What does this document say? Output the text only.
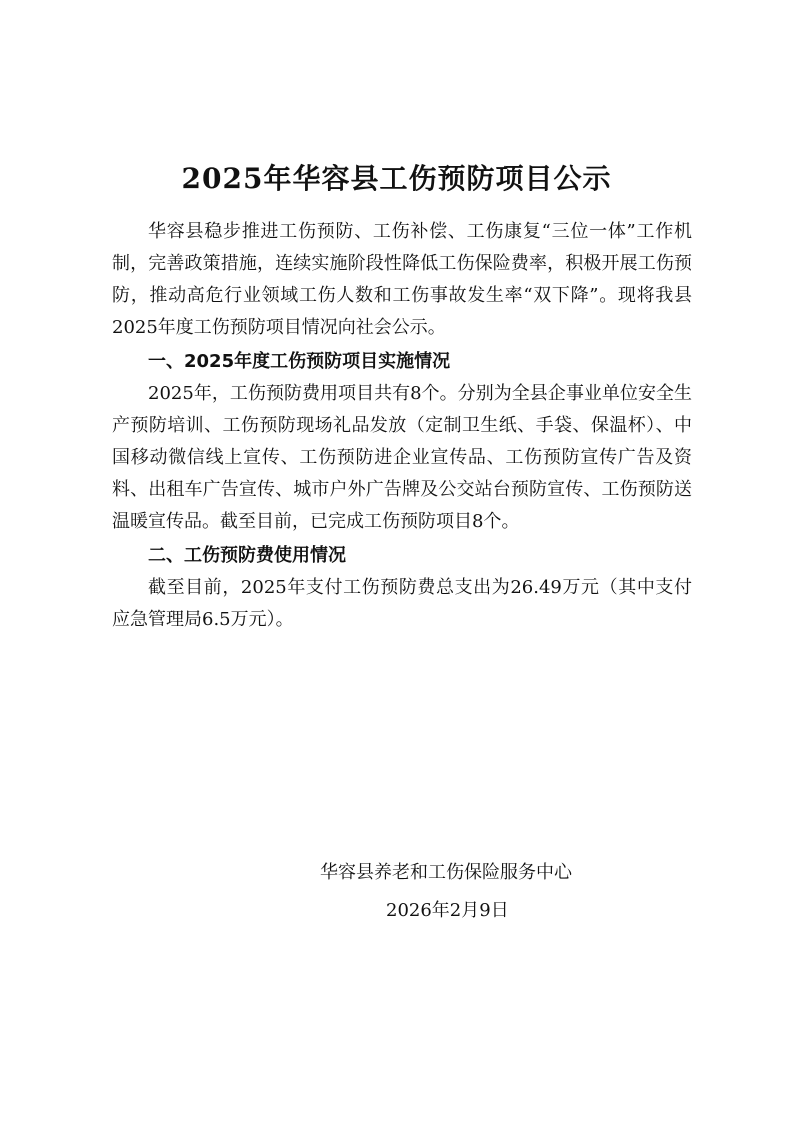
2025年华容县工伤预防项目公示

华容县稳步推进工伤预防、工伤补偿、工伤康复“三位一体”工作机制，完善政策措施，连续实施阶段性降低工伤保险费率，积极开展工伤预防，推动高危行业领域工伤人数和工伤事故发生率“双下降”。现将我县2025年度工伤预防项目情况向社会公示。

一、2025年度工伤预防项目实施情况

2025年，工伤预防费用项目共有8个。分别为全县企事业单位安全生产预防培训、工伤预防现场礼品发放（定制卫生纸、手袋、保温杯）、中国移动微信线上宣传、工伤预防进企业宣传品、工伤预防宣传广告及资料、出租车广告宣传、城市户外广告牌及公交站台预防宣传、工伤预防送温暖宣传品。截至目前，已完成工伤预防项目8个。

二、工伤预防费使用情况

截至目前，2025年支付工伤预防费总支出为26.49万元（其中支付应急管理局6.5万元）。

华容县养老和工伤保险服务中心
2026年2月9日
